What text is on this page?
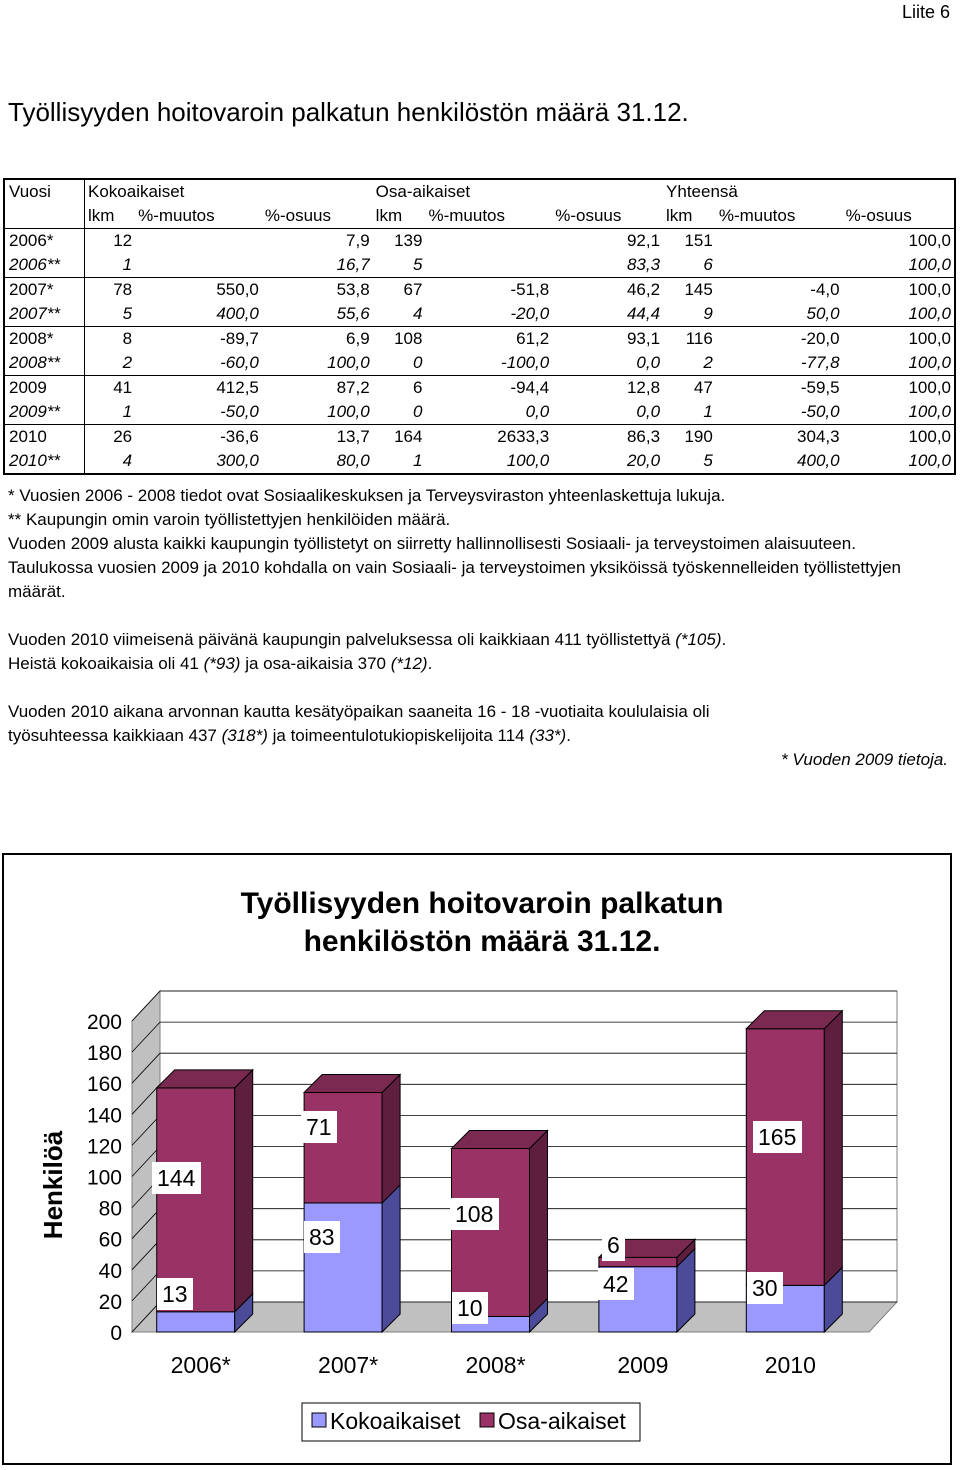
Liite 6
Työllisyyden hoitovaroin palkatun henkilöstön määrä 31.12.
Vuosi	Kokoaikaiset			Osa-aikaiset			Yhteensä		
	lkm	%-muutos	%-osuus	lkm	%-muutos	%-osuus	lkm	%-muutos	%-osuus
2006*	12		7,9	139		92,1	151		100,0
2006**	1		16,7	5		83,3	6		100,0
2007*	78	550,0	53,8	67	-51,8	46,2	145	-4,0	100,0
2007**	5	400,0	55,6	4	-20,0	44,4	9	50,0	100,0
2008*	8	-89,7	6,9	108	61,2	93,1	116	-20,0	100,0
2008**	2	-60,0	100,0	0	-100,0	0,0	2	-77,8	100,0
2009	41	412,5	87,2	6	-94,4	12,8	47	-59,5	100,0
2009**	1	-50,0	100,0	0	0,0	0,0	1	-50,0	100,0
2010	26	-36,6	13,7	164	2633,3	86,3	190	304,3	100,0
2010**	4	300,0	80,0	1	100,0	20,0	5	400,0	100,0

* Vuosien 2006 - 2008 tiedot ovat Sosiaalikeskuksen ja Terveysviraston yhteenlaskettuja lukuja.

** Kaupungin omin varoin työllistettyjen henkilöiden määrä.

Vuoden 2009 alusta kaikki kaupungin työllistetyt on siirretty hallinnollisesti Sosiaali- ja terveystoimen alaisuuteen.

Taulukossa vuosien 2009 ja 2010 kohdalla on vain Sosiaali- ja terveystoimen yksiköissä työskennelleiden työllistettyjen määrät.

Vuoden 2010 viimeisenä päivänä kaupungin palveluksessa oli kaikkiaan 411 työllistettyä (*105).

Heistä kokoaikaisia oli 41 (*93) ja osa-aikaisia 370 (*12).

Vuoden 2010 aikana arvonnan kautta kesätyöpaikan saaneita 16 - 18 -vuotiaita koululaisia oli

työsuhteessa kaikkiaan 437 (318*) ja toimeentulotukiopiskelijoita 114 (33*).

* Vuoden 2009 tietoja.

Työllisyyden hoitovaroin palkatun
henkilöstön määrä 31.12.
Henkilöä
0
20
40
60
80
100
120
140
160
180
200
2006*	2007*	2008*	2009	2010
13
144
83
71
10
108
42
6
30
165
Kokoaikaiset Osa-aikaiset
